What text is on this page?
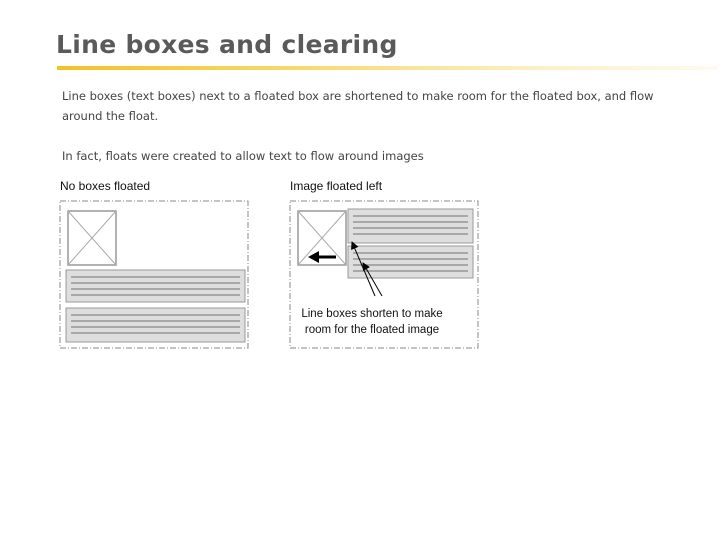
Line boxes and clearing

Line boxes (text boxes) next to a floated box are shortened to make room for the floated box, and flow around the float.

In fact, floats were created to allow text to flow around images

No boxes floated	Image floated left
Line boxes shorten to make
room for the floated image
